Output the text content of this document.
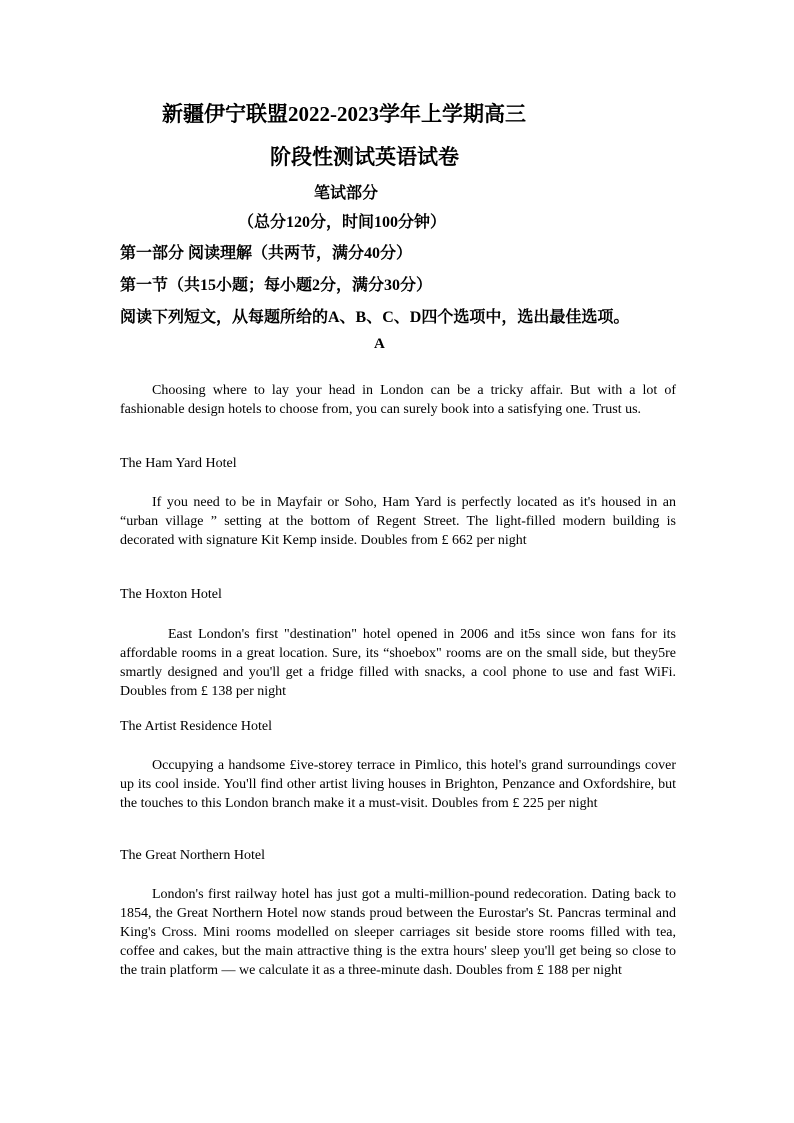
新疆伊宁联盟2022-2023学年上学期高三
阶段性测试英语试卷
笔试部分
（总分120分，时间100分钟）
第一部分 阅读理解（共两节，满分40分）
第一节（共15小题；每小题2分，满分30分）
阅读下列短文，从每题所给的A、B、C、D四个选项中，选出最佳选项。
A
Choosing where to lay your head in London can be a tricky affair. But with a lot of fashionable design hotels to choose from, you can surely book into a satisfying one. Trust us.
The Ham Yard Hotel
If you need to be in Mayfair or Soho, Ham Yard is perfectly located as it's housed in an “urban village ” setting at the bottom of Regent Street. The light-filled modern building is decorated with signature Kit Kemp inside. Doubles from £ 662 per night
The Hoxton Hotel
East London's first "destination" hotel opened in 2006 and it5s since won fans for its affordable rooms in a great location. Sure, its “shoebox" rooms are on the small side, but they5re smartly designed and you'll get a fridge filled with snacks, a cool phone to use and fast WiFi. Doubles from £ 138 per night
The Artist Residence Hotel
Occupying a handsome £ive-storey terrace in Pimlico, this hotel's grand surroundings cover up its cool inside. You'll find other artist living houses in Brighton, Penzance and Oxfordshire, but the touches to this London branch make it a must-visit. Doubles from £ 225 per night
The Great Northern Hotel
London's first railway hotel has just got a multi-million-pound redecoration. Dating back to 1854, the Great Northern Hotel now stands proud between the Eurostar's St. Pancras terminal and King's Cross. Mini rooms modelled on sleeper carriages sit beside store rooms filled with tea, coffee and cakes, but the main attractive thing is the extra hours' sleep you'll get being so close to the train platform — we calculate it as a three-minute dash. Doubles from £ 188 per night
